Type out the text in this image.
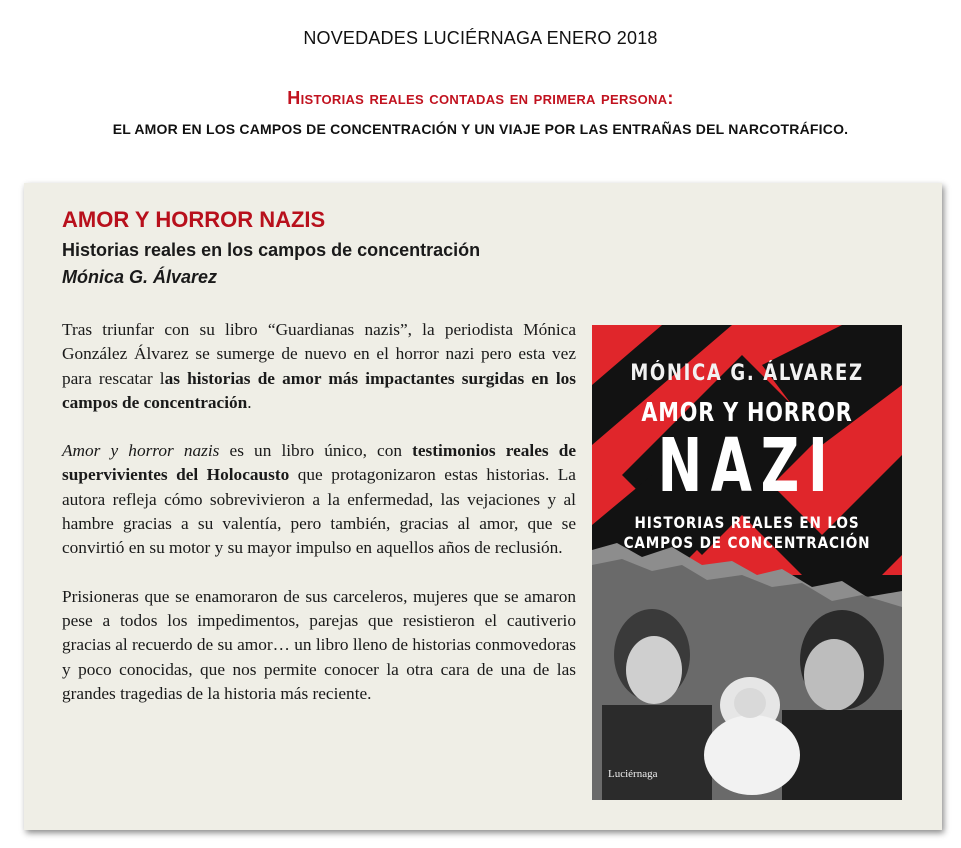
NOVEDADES LUCIÉRNAGA ENERO 2018
Historias reales contadas en primera persona:
EL AMOR EN LOS CAMPOS DE CONCENTRACIÓN Y UN VIAJE POR LAS ENTRAÑAS DEL NARCOTRÁFICO.
AMOR Y HORROR NAZIS
Historias reales en los campos de concentración
Mónica G. Álvarez

Tras triunfar con su libro “Guardianas nazis”, la periodista Mónica González Álvarez se sumerge de nuevo en el horror nazi pero esta vez para rescatar las historias de amor más impactantes surgidas en los campos de concentración.

Amor y horror nazis es un libro único, con testimonios reales de supervivientes del Holocausto que protagonizaron estas historias. La autora refleja cómo sobrevivieron a la enfermedad, las vejaciones y al hambre gracias a su valentía, pero también, gracias al amor, que se convirtió en su motor y su mayor impulso en aquellos años de reclusión.

Prisioneras que se enamoraron de sus carceleros, mujeres que se amaron pese a todos los impedimentos, parejas que resistieron el cautiverio gracias al recuerdo de su amor… un libro lleno de historias conmovedoras y poco conocidas, que nos permite conocer la otra cara de una de las grandes tragedias de la historia más reciente.

MÓNICA G. ÁLVAREZ
AMOR Y HORROR
NAZI
HISTORIAS REALES EN LOS
CAMPOS DE CONCENTRACIÓN
Luciérnaga
